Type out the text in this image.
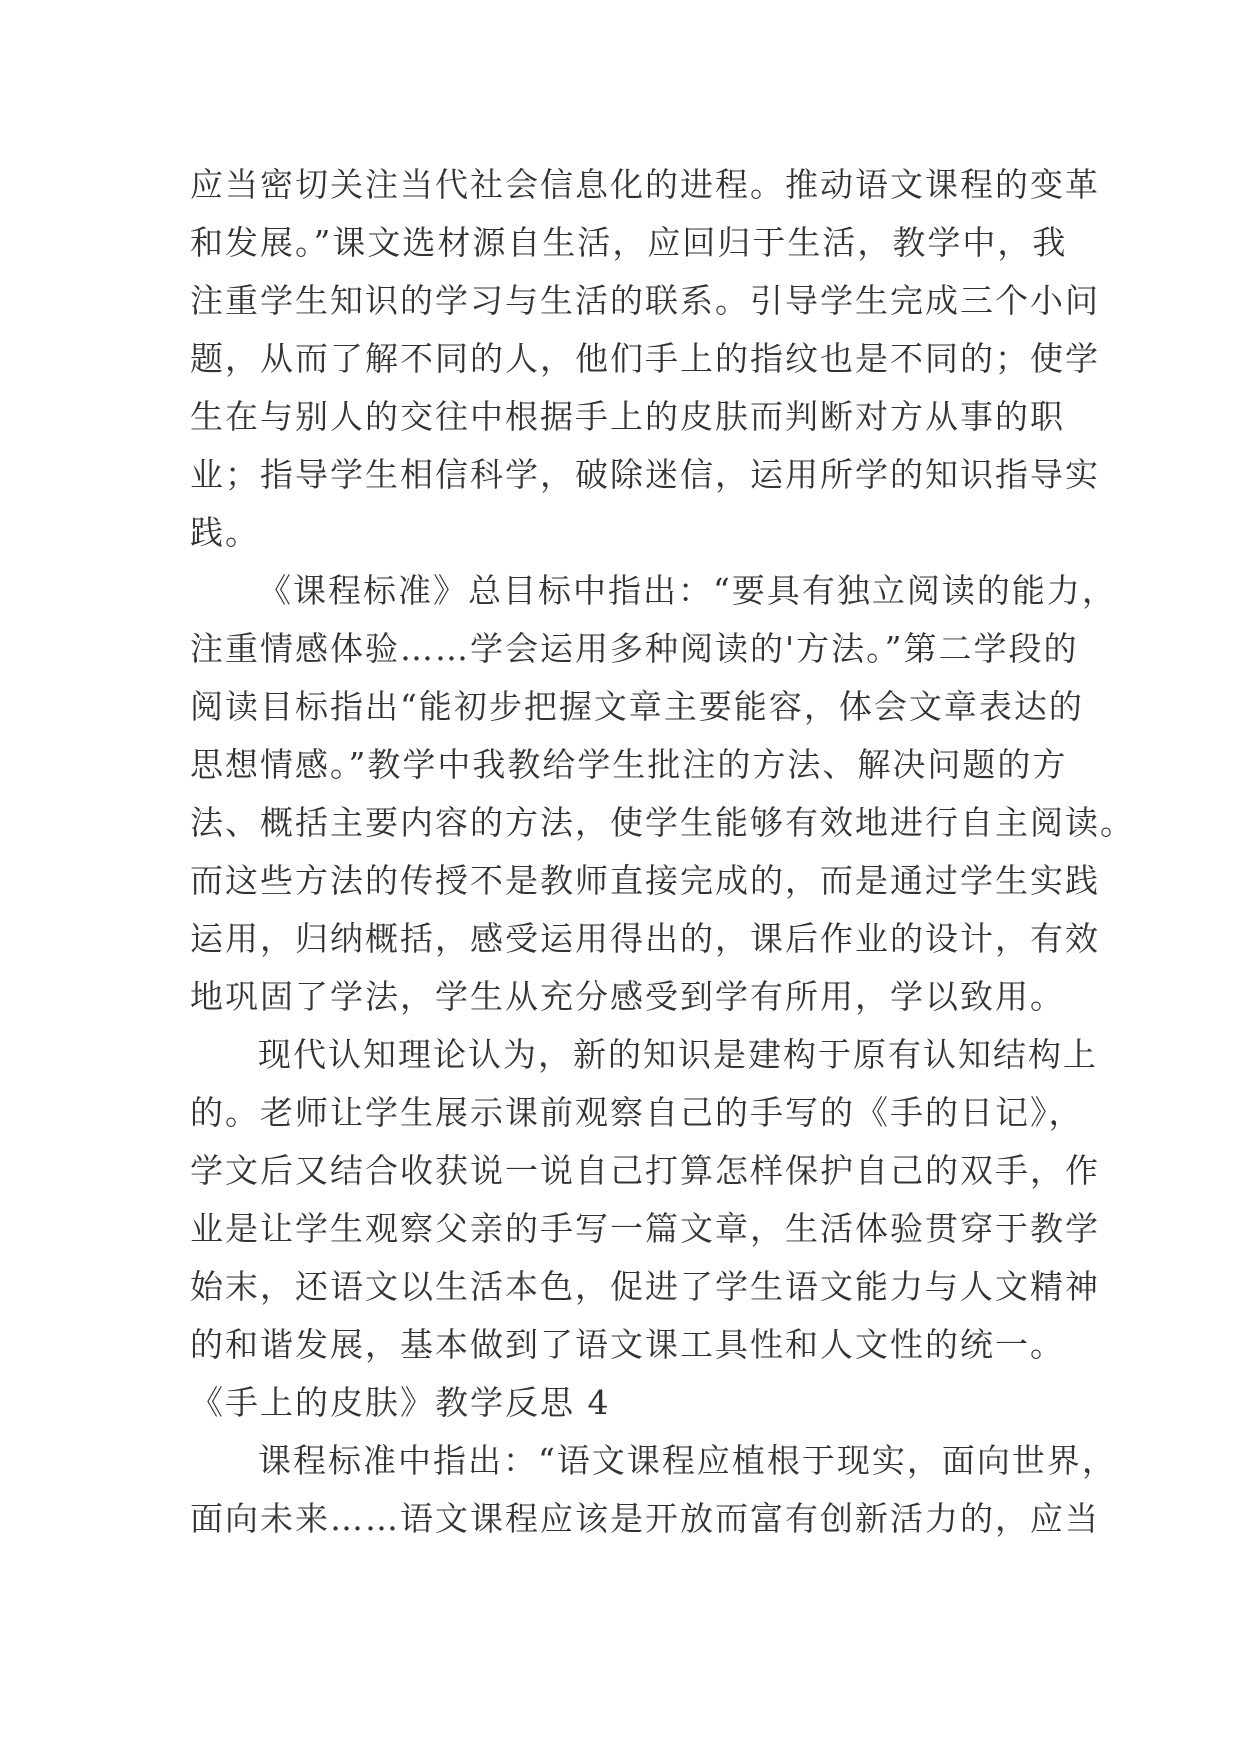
应当密切关注当代社会信息化的进程。推动语文课程的变革
和发展。”课文选材源自生活，应回归于生活，教学中，我
注重学生知识的学习与生活的联系。引导学生完成三个小问
题，从而了解不同的人，他们手上的指纹也是不同的；使学
生在与别人的交往中根据手上的皮肤而判断对方从事的职
业；指导学生相信科学，破除迷信，运用所学的知识指导实
践。
《课程标准》总目标中指出：“要具有独立阅读的能力，
注重情感体验……学会运用多种阅读的'方法。”第二学段的
阅读目标指出“能初步把握文章主要能容，体会文章表达的
思想情感。”教学中我教给学生批注的方法、解决问题的方
法、概括主要内容的方法，使学生能够有效地进行自主阅读。
而这些方法的传授不是教师直接完成的，而是通过学生实践
运用，归纳概括，感受运用得出的，课后作业的设计，有效
地巩固了学法，学生从充分感受到学有所用，学以致用。
现代认知理论认为，新的知识是建构于原有认知结构上
的。老师让学生展示课前观察自己的手写的《手的日记》，
学文后又结合收获说一说自己打算怎样保护自己的双手，作
业是让学生观察父亲的手写一篇文章，生活体验贯穿于教学
始末，还语文以生活本色，促进了学生语文能力与人文精神
的和谐发展，基本做到了语文课工具性和人文性的统一。
《手上的皮肤》教学反思 4
课程标准中指出：“语文课程应植根于现实，面向世界，
面向未来……语文课程应该是开放而富有创新活力的，应当
